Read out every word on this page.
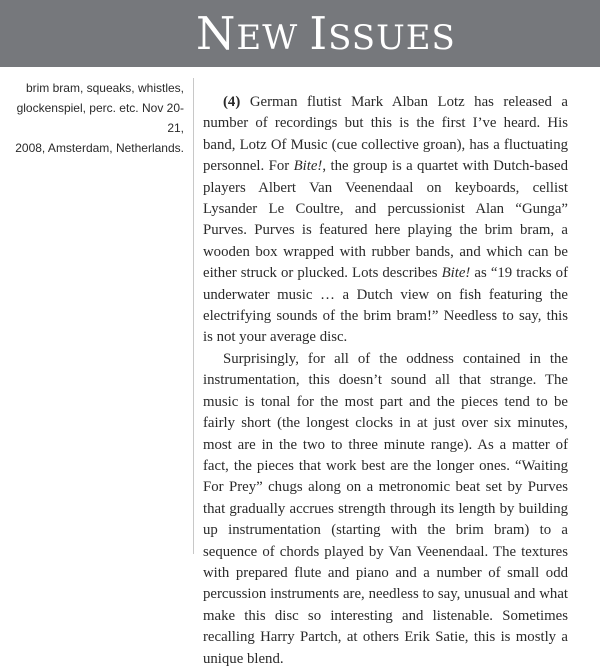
NEW ISSUES
brim bram, squeaks, whistles,
glockenspiel, perc. etc. Nov 20-21,
2008, Amsterdam, Netherlands.

(4) German flutist Mark Alban Lotz has released a number of recordings but this is the first I’ve heard. His band, Lotz Of Music (cue collective groan), has a fluctuating personnel. For Bite!, the group is a quartet with Dutch-based players Albert Van Veenendaal on keyboards, cellist Lysander Le Coultre, and percussionist Alan “Gunga” Purves. Purves is featured here playing the brim bram, a wooden box wrapped with rubber bands, and which can be either struck or plucked. Lots describes Bite! as “19 tracks of underwater music … a Dutch view on fish featuring the electrifying sounds of the brim bram!” Needless to say, this is not your average disc.

Surprisingly, for all of the oddness contained in the instrumentation, this doesn’t sound all that strange. The music is tonal for the most part and the pieces tend to be fairly short (the longest clocks in at just over six minutes, most are in the two to three minute range). As a matter of fact, the pieces that work best are the longer ones. “Waiting For Prey” chugs along on a metronomic beat set by Purves that gradually accrues strength through its length by building up instrumentation (starting with the brim bram) to a sequence of chords played by Van Veenendaal. The textures with prepared flute and piano and a number of small odd percussion instruments are, needless to say, unusual and what make this disc so interesting and listenable. Sometimes recalling Harry Partch, at others Erik Satie, this is mostly a unique blend.
